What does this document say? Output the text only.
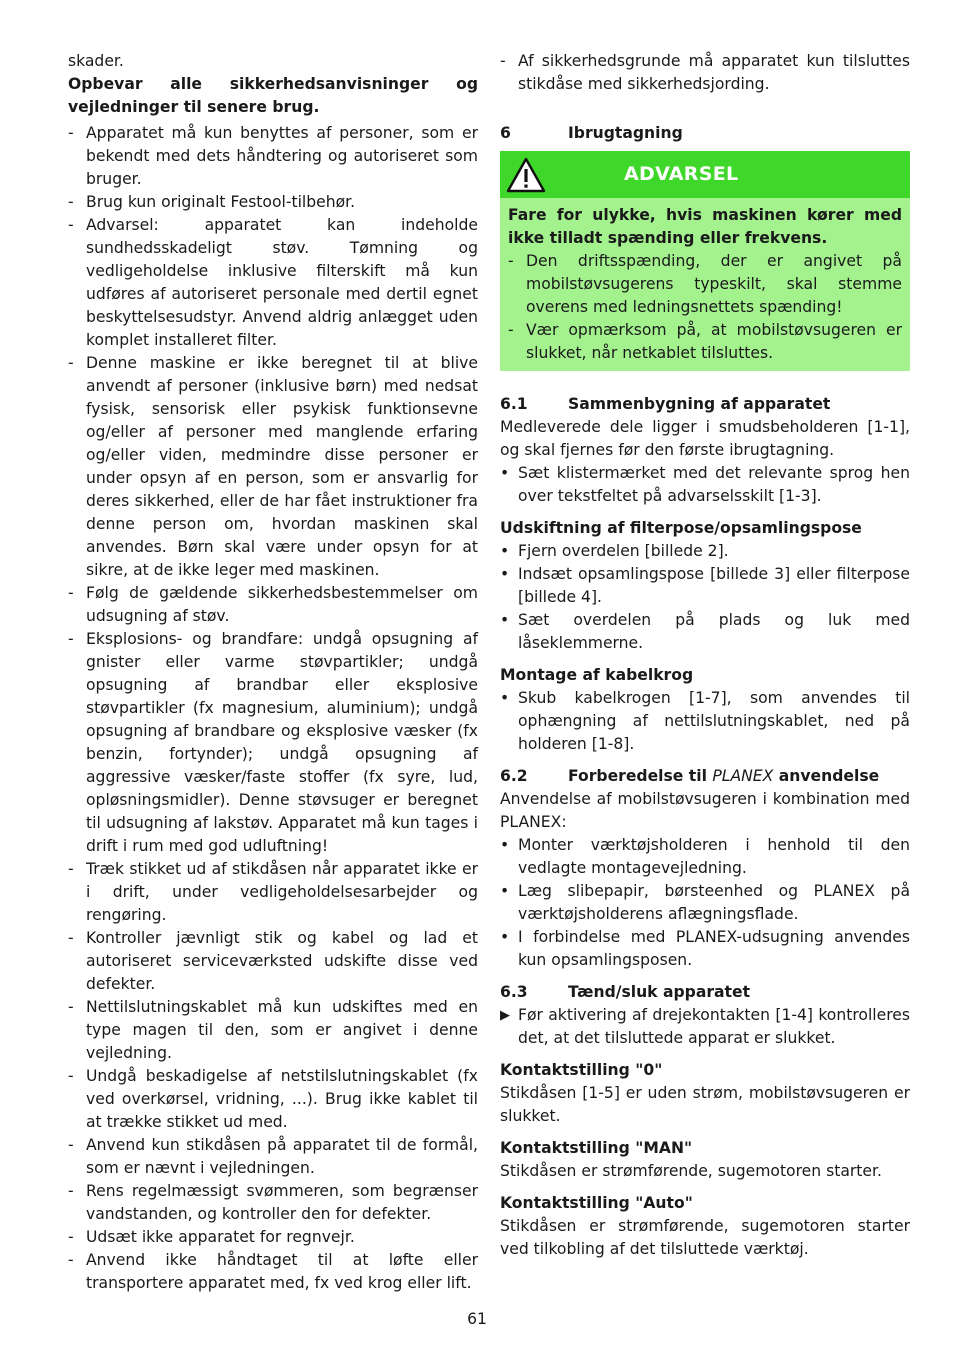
skader.

Opbevar alle sikkerhedsanvisninger og vejledninger til senere brug.

- Apparatet må kun benyttes af personer, som er bekendt med dets håndtering og autoriseret som bruger.
- Brug kun originalt Festool-tilbehør.
- Advarsel: apparatet kan indeholde sundhedsskadeligt støv. Tømning og vedligeholdelse inklusive filterskift må kun udføres af autoriseret personale med dertil egnet beskyttelsesudstyr. Anvend aldrig anlægget uden komplet installeret filter.
- Denne maskine er ikke beregnet til at blive anvendt af personer (inklusive børn) med nedsat fysisk, sensorisk eller psykisk funktionsevne og/eller af personer med manglende erfaring og/eller viden, medmindre disse personer er under opsyn af en person, som er ansvarlig for deres sikkerhed, eller de har fået instruktioner fra denne person om, hvordan maskinen skal anvendes. Børn skal være under opsyn for at sikre, at de ikke leger med maskinen.
- Følg de gældende sikkerhedsbestemmelser om udsugning af støv.
- Eksplosions- og brandfare: undgå opsugning af gnister eller varme støvpartikler; undgå opsugning af brandbar eller eksplosive støvpartikler (fx magnesium, aluminium); undgå opsugning af brandbare og eksplosive væsker (fx benzin, fortynder); undgå opsugning af aggressive væsker/faste stoffer (fx syre, lud, opløsningsmidler). Denne støvsuger er beregnet til udsugning af lakstøv. Apparatet må kun tages i drift i rum med god udluftning!
- Træk stikket ud af stikdåsen når apparatet ikke er i drift, under vedligeholdelsesarbejder og rengøring.
- Kontroller jævnligt stik og kabel og lad et autoriseret serviceværksted udskifte disse ved defekter.
- Nettilslutningskablet må kun udskiftes med en type magen til den, som er angivet i denne vejledning.
- Undgå beskadigelse af netstilslutningskablet (fx ved overkørsel, vridning, ...). Brug ikke kablet til at trække stikket ud med.
- Anvend kun stikdåsen på apparatet til de formål, som er nævnt i vejledningen.
- Rens regelmæssigt svømmeren, som begrænser vandstanden, og kontroller den for defekter.
- Udsæt ikke apparatet for regnvejr.
- Anvend ikke håndtaget til at løfte eller transportere apparatet med, fx ved krog eller lift.
- Af sikkerhedsgrunde må apparatet kun tilsluttes stikdåse med sikkerhedsjording.
6	Ibrugtagning
ADVARSEL

Fare for ulykke, hvis maskinen kører med ikke tilladt spænding eller frekvens.

- Den driftsspænding, der er angivet på mobilstøvsugerens typeskilt, skal stemme overens med ledningsnettets spænding!
- Vær opmærksom på, at mobilstøvsugeren er slukket, når netkablet tilsluttes.
6.1	Sammenbygning af apparatet

Medleverede dele ligger i smudsbeholderen [1-1], og skal fjernes før den første ibrugtagning.

• Sæt klistermærket med det relevante sprog hen over tekstfeltet på advarselsskilt [1-3].

Udskiftning af filterpose/opsamlingspose

• Fjern overdelen [billede 2].
• Indsæt opsamlingspose [billede 3] eller filterpose [billede 4].
• Sæt overdelen på plads og luk med låseklemmerne.

Montage af kabelkrog

• Skub kabelkrogen [1-7], som anvendes til ophængning af nettilslutningskablet, ned på holderen [1-8].
6.2	Forberedelse til PLANEX anvendelse

Anvendelse af mobilstøvsugeren i kombination med PLANEX:

• Monter værktøjsholderen i henhold til den vedlagte montagevejledning.
• Læg slibepapir, børsteenhed og PLANEX på værktøjsholderens aflægningsflade.
• I forbindelse med PLANEX-udsugning anvendes kun opsamlingsposen.
6.3	Tænd/sluk apparatet
▶ Før aktivering af drejekontakten [1-4] kontrolleres det, at det tilsluttede apparat er slukket.

Kontaktstilling "0"

Stikdåsen [1-5] er uden strøm, mobilstøvsugeren er slukket.

Kontaktstilling "MAN"

Stikdåsen er strømførende, sugemotoren starter.

Kontaktstilling "Auto"

Stikdåsen er strømførende, sugemotoren starter ved tilkobling af det tilsluttede værktøj.

61
